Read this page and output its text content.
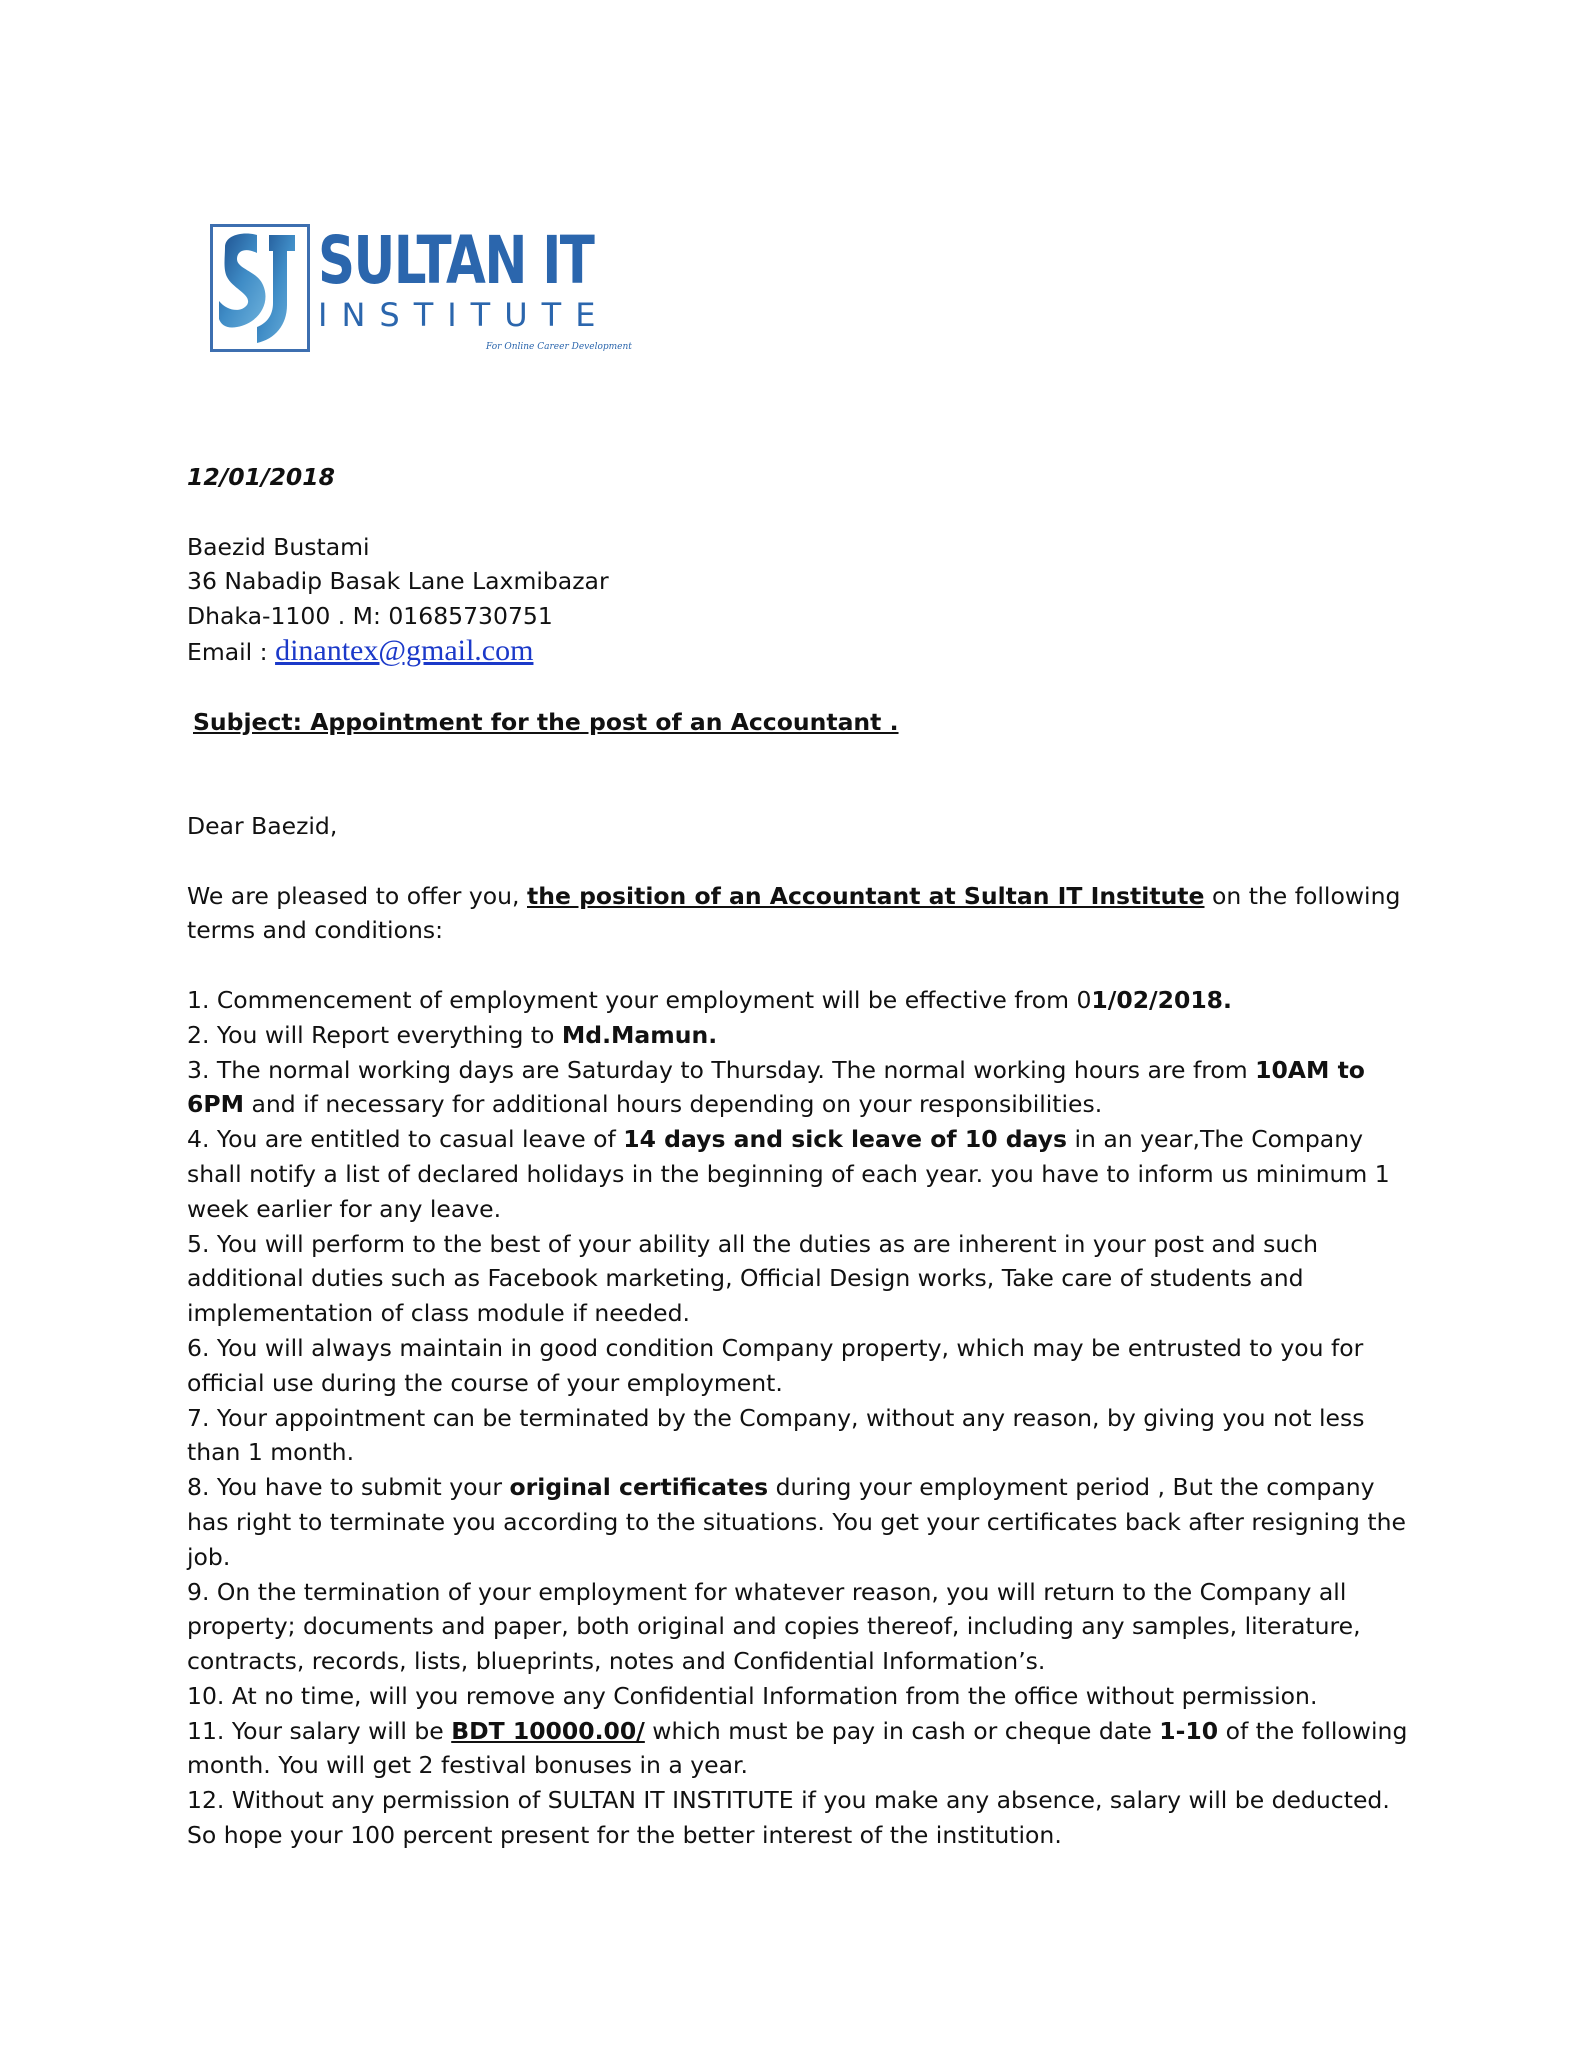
SULTAN IT
INSTITUTE
For Online Career Development

12/01/2018

Baezid Bustami

36 Nabadip Basak Lane Laxmibazar

Dhaka-1100 . M: 01685730751

Email : dinantex@gmail.com

Subject: Appointment for the post of an Accountant .

Dear Baezid,

We are pleased to offer you, the position of an Accountant at Sultan IT Institute on the following terms and conditions:

1. Commencement of employment your employment will be effective from 01/02/2018.

2. You will Report everything to Md.Mamun.

3. The normal working days are Saturday to Thursday. The normal working hours are from 10AM to 6PM and if necessary for additional hours depending on your responsibilities.

4. You are entitled to casual leave of 14 days and sick leave of 10 days in an year,The Company shall notify a list of declared holidays in the beginning of each year. you have to inform us minimum 1 week earlier for any leave.

5. You will perform to the best of your ability all the duties as are inherent in your post and such additional duties such as Facebook marketing, Official Design works, Take care of students and implementation of class module if needed.

6. You will always maintain in good condition Company property, which may be entrusted to you for official use during the course of your employment.

7. Your appointment can be terminated by the Company, without any reason, by giving you not less than 1 month.

8. You have to submit your original certificates during your employment period , But the company has right to terminate you according to the situations. You get your certificates back after resigning the job.

9. On the termination of your employment for whatever reason, you will return to the Company all property; documents and paper, both original and copies thereof, including any samples, literature, contracts, records, lists, blueprints, notes and Confidential Information’s.

10. At no time, will you remove any Confidential Information from the office without permission.

11. Your salary will be BDT 10000.00/ which must be pay in cash or cheque date 1-10 of the following month. You will get 2 festival bonuses in a year.

12. Without any permission of SULTAN IT INSTITUTE if you make any absence, salary will be deducted. So hope your 100 percent present for the better interest of the institution.
